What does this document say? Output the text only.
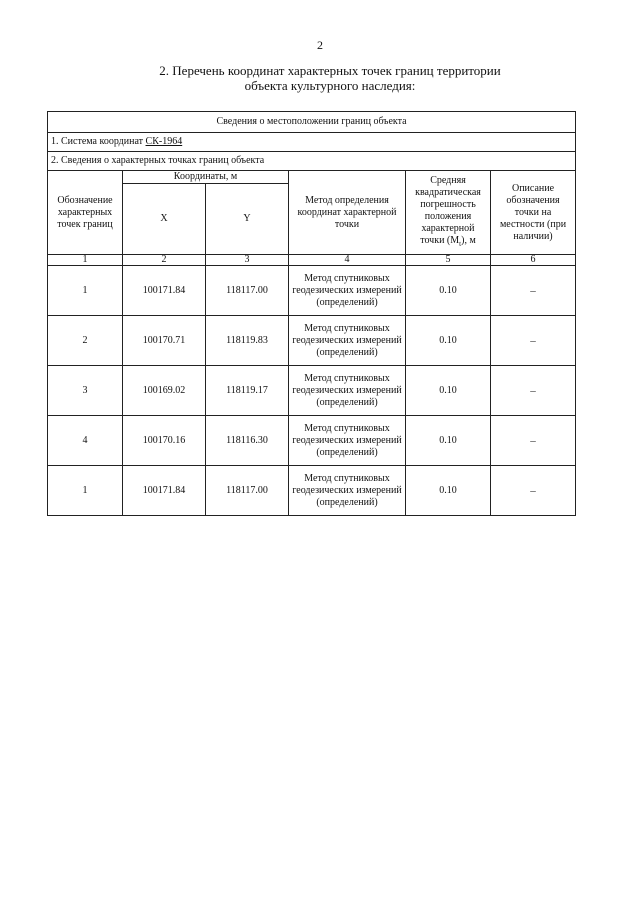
2
2. Перечень координат характерных точек границ территории
объекта культурного наследия:
Сведения о местоположении границ объекта					
1. Система координат СК-1964					
2. Сведения о характерных точках границ объекта					
Обозначение характерных точек границ	Координаты, м		Метод определения координат характерной точки	Средняя квадратическая погрешность положения характерной точки $(M_t)$, м	Описание обозначения точки на местности (при наличии)
	X	Y			
1	2	3	4	5	6
1	100171.84	118117.00	Метод спутниковых геодезических измерений (определений)	0.10	–
2	100170.71	118119.83	Метод спутниковых геодезических измерений (определений)	0.10	–
3	100169.02	118119.17	Метод спутниковых геодезических измерений (определений)	0.10	–
4	100170.16	118116.30	Метод спутниковых геодезических измерений (определений)	0.10	–
1	100171.84	118117.00	Метод спутниковых геодезических измерений (определений)	0.10	–
